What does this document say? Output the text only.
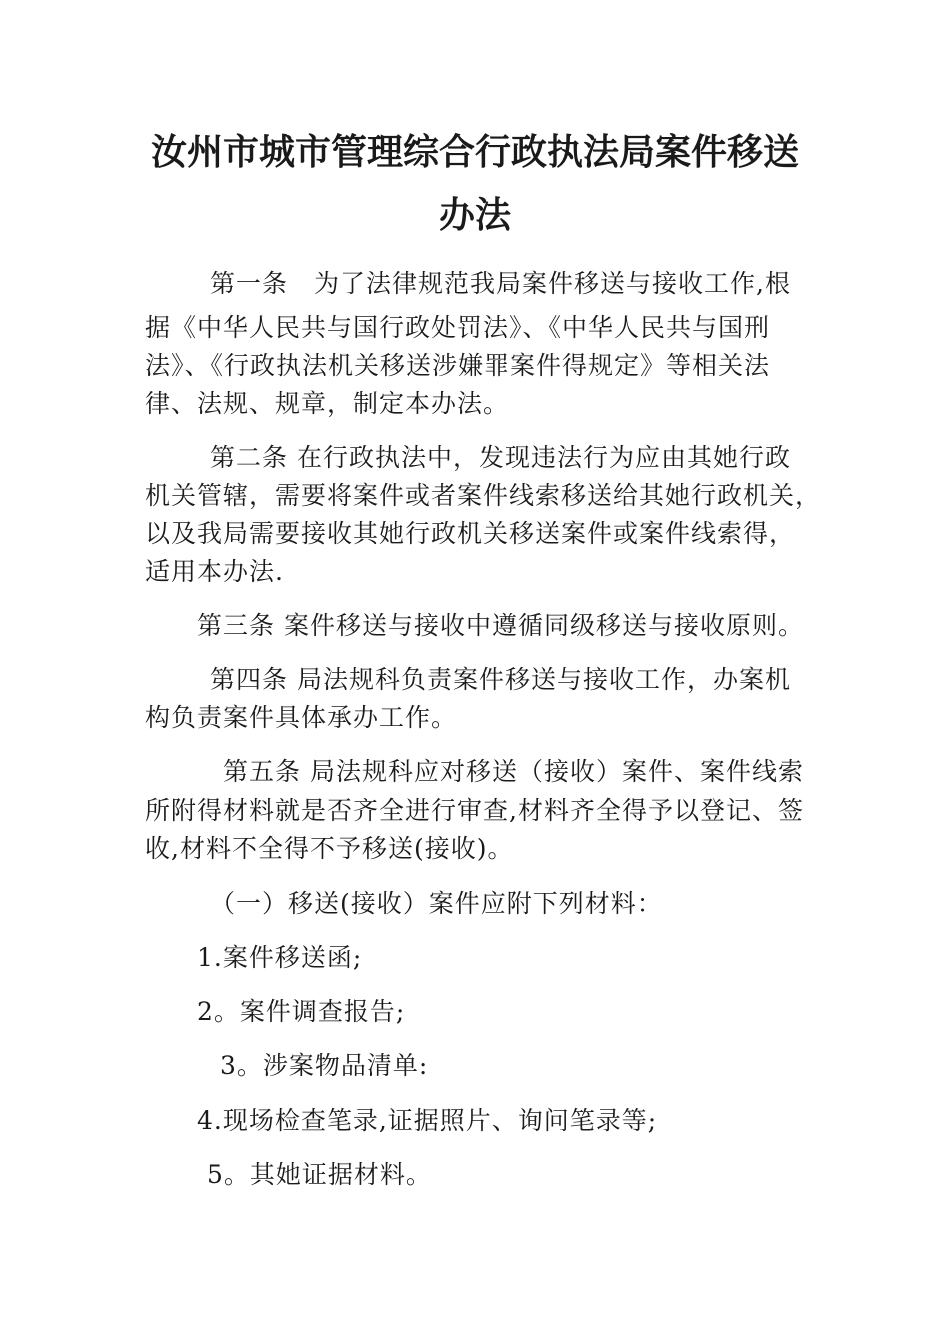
汝州市城市管理综合行政执法局案件移送
办法
第一条　为了法律规范我局案件移送与接收工作,根
据《中华人民共与国行政处罚法》、《中华人民共与国刑
法》、《行政执法机关移送涉嫌罪案件得规定》等相关法
律、法规、规章，制定本办法。
第二条 在行政执法中，发现违法行为应由其她行政
机关管辖，需要将案件或者案件线索移送给其她行政机关，
以及我局需要接收其她行政机关移送案件或案件线索得，
适用本办法.
第三条 案件移送与接收中遵循同级移送与接收原则。
第四条 局法规科负责案件移送与接收工作，办案机
构负责案件具体承办工作。
第五条 局法规科应对移送（接收）案件、案件线索
所附得材料就是否齐全进行审查,材料齐全得予以登记、签
收,材料不全得不予移送(接收)。
（一）移送(接收）案件应附下列材料：
1.案件移送函;
2。案件调查报告;
3。涉案物品清单:
4.现场检查笔录,证据照片、询问笔录等;
5。其她证据材料。
